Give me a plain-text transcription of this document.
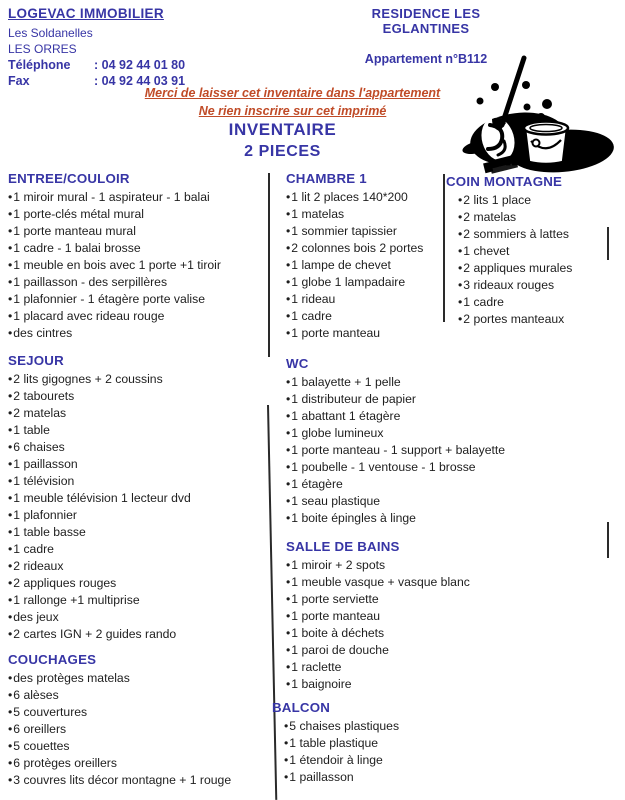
LOGEVAC IMMOBILIER
Les Soldanelles
LES ORRES
Téléphone : 04 92 44 01 80
Fax	: 04 92 44 03 91
RESIDENCE LES EGLANTINES
Appartement n°B112
Merci de laisser cet inventaire dans l'appartement
Ne rien inscrire sur cet imprimé
INVENTAIRE
2 PIECES
ENTREE/COULOIR
• 1 miroir mural - 1 aspirateur - 1 balai
• 1 porte-clés métal mural
• 1 porte manteau mural
• 1 cadre - 1 balai brosse
• 1 meuble en bois avec 1 porte +1 tiroir
• 1 paillasson - des serpillères
• 1 plafonnier - 1 étagère porte valise
• 1 placard avec rideau rouge
• des cintres
SEJOUR
• 2 lits gigognes + 2 coussins
• 2 tabourets
• 2 matelas
• 1 table
• 6 chaises
• 1 paillasson
• 1 télévision
• 1 meuble télévision 1 lecteur dvd
• 1 plafonnier
• 1 table basse
• 1 cadre
• 2 rideaux
• 2 appliques rouges
• 1 rallonge +1 multiprise
• des jeux
• 2 cartes IGN + 2 guides rando
COUCHAGES
• des protèges matelas
• 6 alèses
• 5 couvertures
• 6 oreillers
• 5 couettes
• 6 protèges oreillers
• 3 couvres lits décor montagne + 1 rouge
CHAMBRE 1
• 1 lit 2 places 140*200
• 1 matelas
• 1 sommier tapissier
• 2 colonnes bois 2 portes
• 1 lampe de chevet
• 1 globe 1 lampadaire
• 1 rideau
• 1 cadre
• 1 porte manteau
WC
• 1 balayette + 1 pelle
• 1 distributeur de papier
• 1 abattant 1 étagère
• 1 globe lumineux
• 1 porte manteau - 1 support + balayette
• 1 poubelle - 1 ventouse - 1 brosse
• 1 étagère
• 1 seau plastique
• 1 boite épingles à linge
SALLE DE BAINS
• 1 miroir + 2 spots
• 1 meuble vasque + vasque blanc
• 1 porte serviette
• 1 porte manteau
• 1 boite à déchets
• 1 paroi de douche
• 1 raclette
• 1 baignoire
BALCON
• 5 chaises plastiques
• 1 table plastique
• 1 étendoir à linge
• 1 paillasson
COIN MONTAGNE
• 2 lits 1 place
• 2 matelas
• 2 sommiers à lattes
• 1 chevet
• 2 appliques murales
• 3 rideaux rouges
• 1 cadre
• 2 portes manteaux
